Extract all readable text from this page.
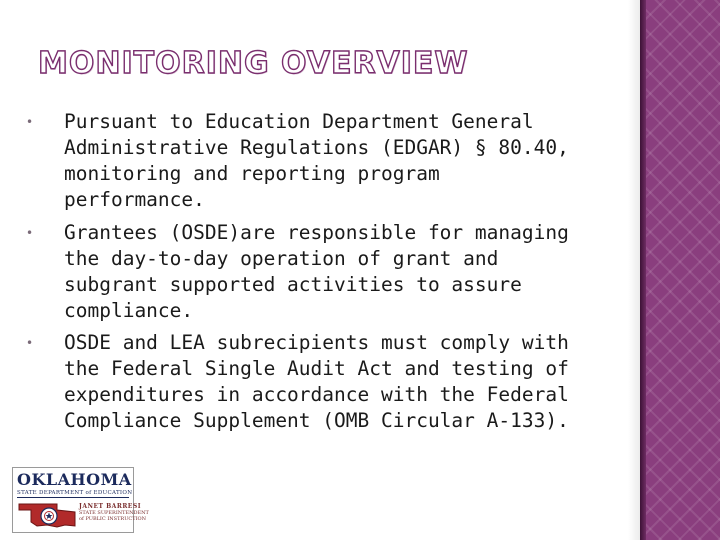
MONITORING OVERVIEW
•	Pursuant to Education Department General Administrative Regulations (EDGAR) § 80.40, monitoring and reporting program performance.

•	Grantees (OSDE)are responsible for managing the day-to-day operation of grant and subgrant supported activities to assure compliance.

•	OSDE and LEA subrecipients must comply with the Federal Single Audit Act and testing of expenditures in accordance with the Federal Compliance Supplement (OMB Circular A-133).

OKLAHOMA
STATE DEPARTMENT of EDUCATION
JANET BARRESI
STATE SUPERINTENDENT
of PUBLIC INSTRUCTION
